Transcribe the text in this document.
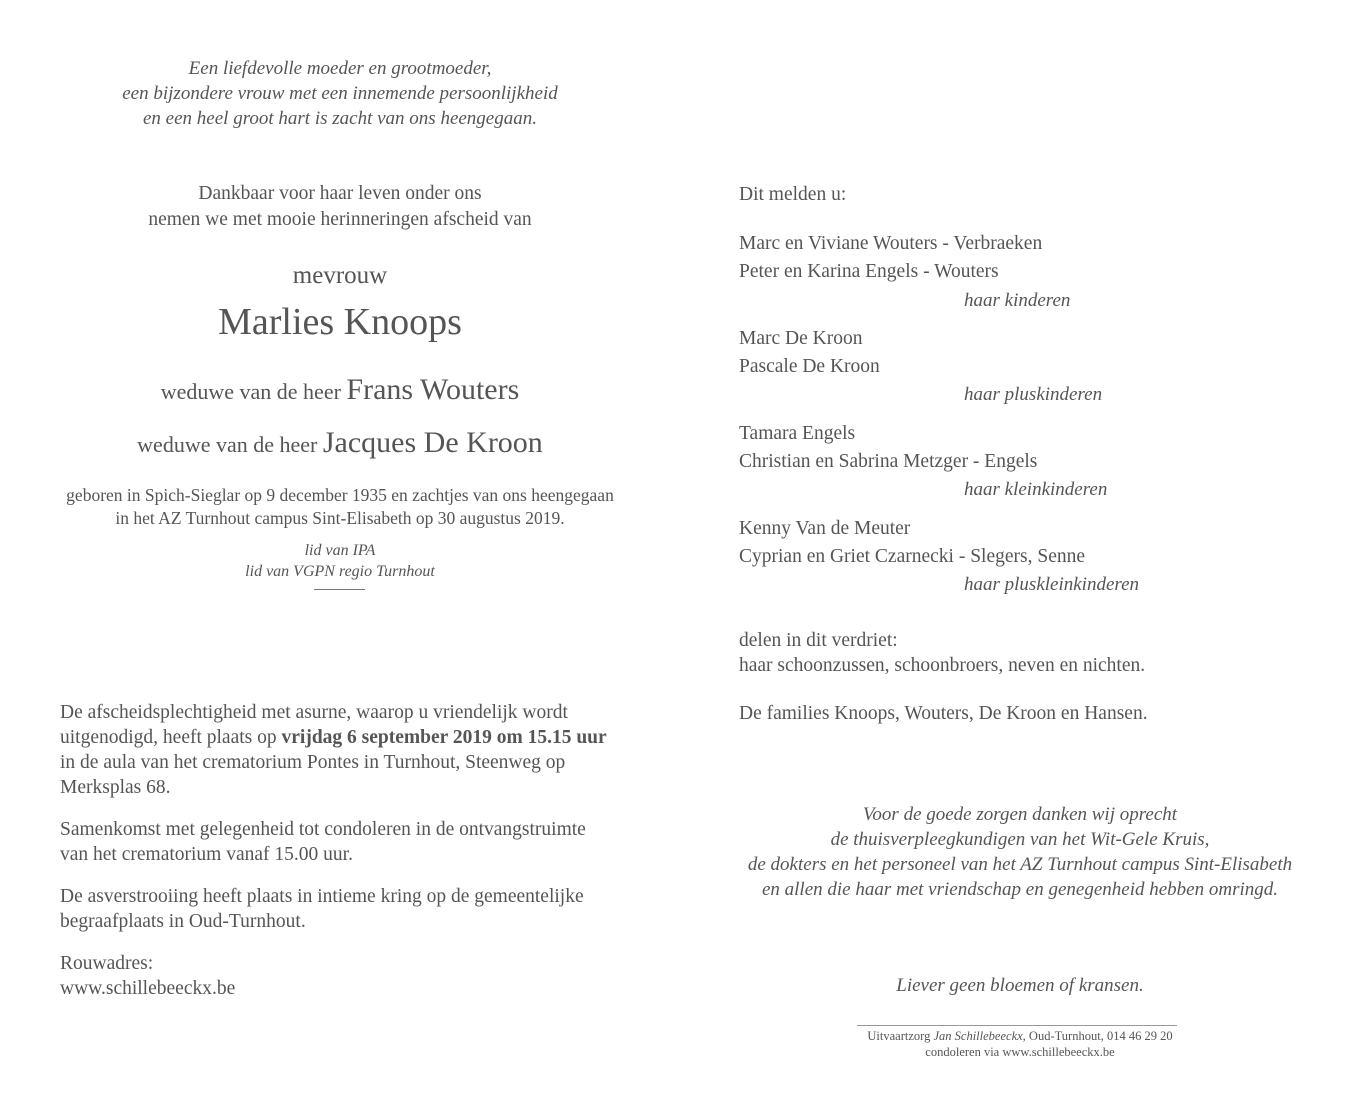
Een liefdevolle moeder en grootmoeder,
een bijzondere vrouw met een innemende persoonlijkheid
en een heel groot hart is zacht van ons heengegaan.
Dankbaar voor haar leven onder ons
nemen we met mooie herinneringen afscheid van
mevrouw
Marlies Knoops
weduwe van de heer Frans Wouters
weduwe van de heer Jacques De Kroon
geboren in Spich-Sieglar op 9 december 1935 en zachtjes van ons heengegaan
in het AZ Turnhout campus Sint-Elisabeth op 30 augustus 2019.
lid van IPA
lid van VGPN regio Turnhout
De afscheidsplechtigheid met asurne, waarop u vriendelijk wordt
uitgenodigd, heeft plaats op vrijdag 6 september 2019 om 15.15 uur
in de aula van het crematorium Pontes in Turnhout, Steenweg op
Merksplas 68.
Samenkomst met gelegenheid tot condoleren in de ontvangstruimte
van het crematorium vanaf 15.00 uur.
De asverstrooiing heeft plaats in intieme kring op de gemeentelijke
begraafplaats in Oud-Turnhout.
Rouwadres:
www.schillebeeckx.be
Dit melden u:
Marc en Viviane Wouters - Verbraeken
Peter en Karina Engels - Wouters
haar kinderen
Marc De Kroon
Pascale De Kroon
haar pluskinderen
Tamara Engels
Christian en Sabrina Metzger - Engels
haar kleinkinderen
Kenny Van de Meuter
Cyprian en Griet Czarnecki - Slegers, Senne
haar pluskleinkinderen
delen in dit verdriet:
haar schoonzussen, schoonbroers, neven en nichten.
De families Knoops, Wouters, De Kroon en Hansen.
Voor de goede zorgen danken wij oprecht
de thuisverpleegkundigen van het Wit-Gele Kruis,
de dokters en het personeel van het AZ Turnhout campus Sint-Elisabeth
en allen die haar met vriendschap en genegenheid hebben omringd.
Liever geen bloemen of kransen.
Uitvaartzorg Jan Schillebeeckx, Oud-Turnhout, 014 46 29 20
condoleren via www.schillebeeckx.be
